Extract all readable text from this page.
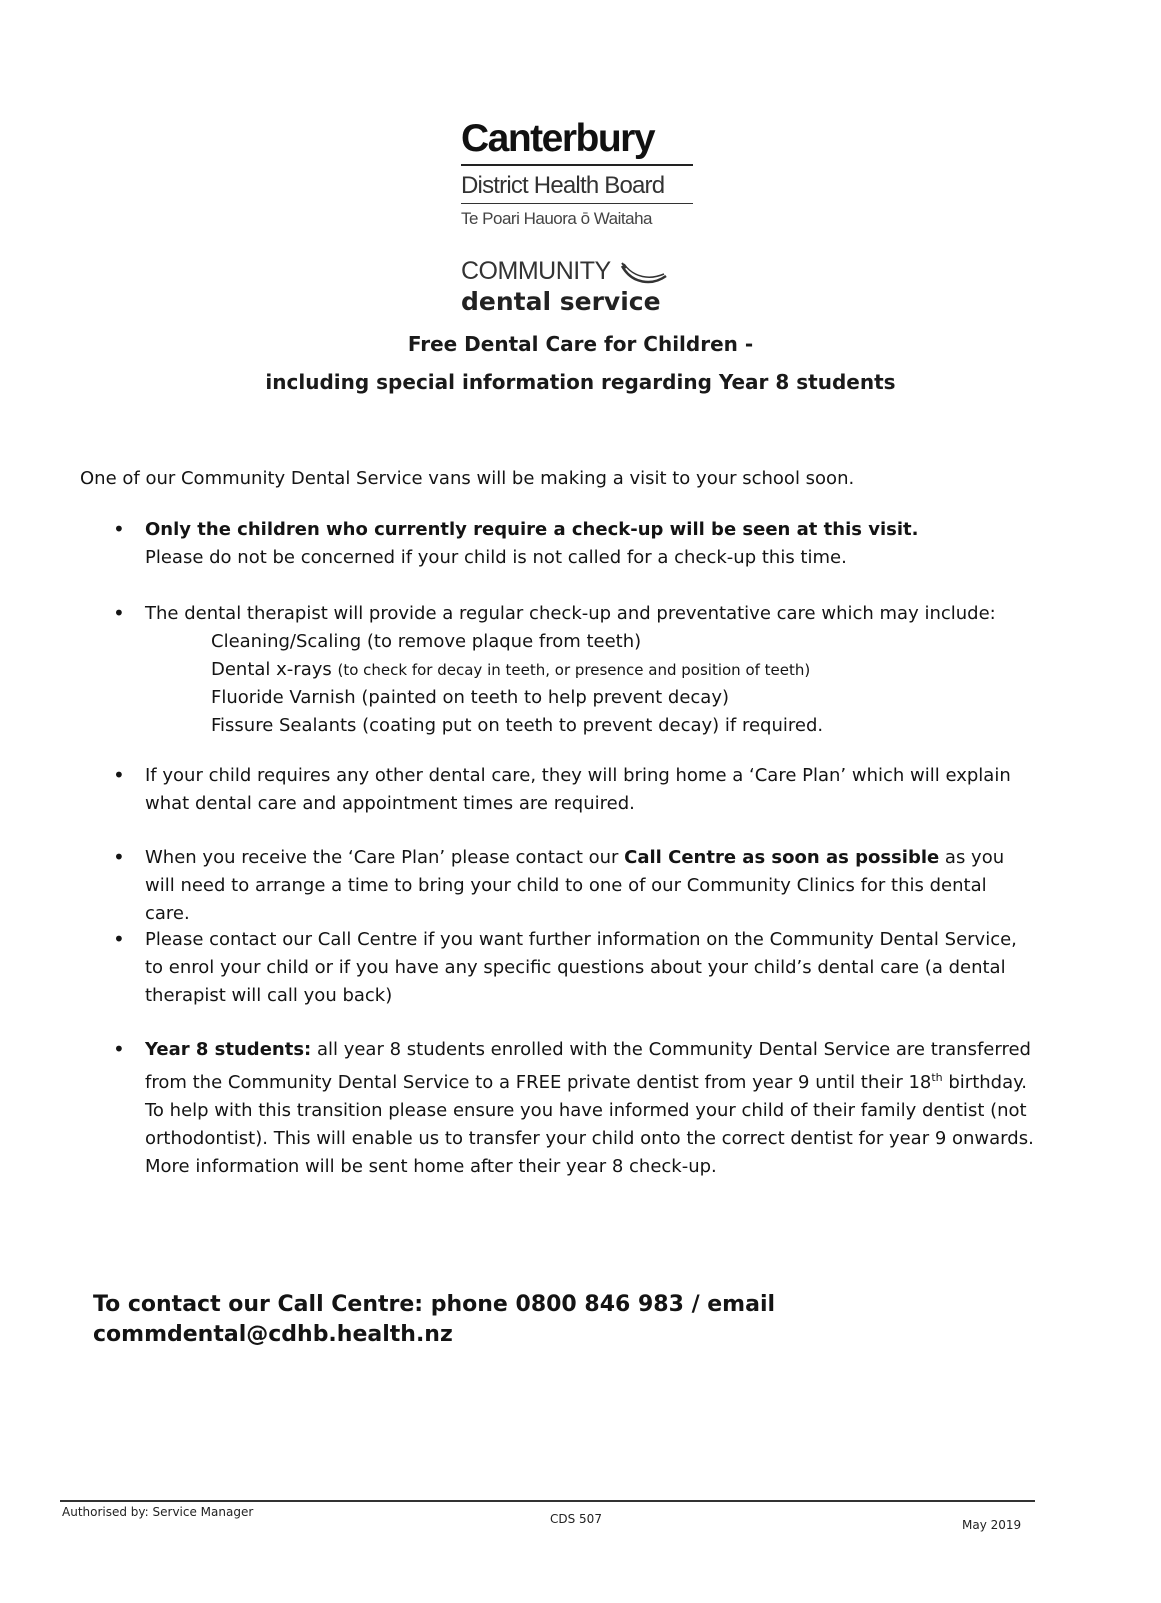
Canterbury
District Health Board
Te Poari Hauora ō Waitaha
COMMUNITY
dental service
Free Dental Care for Children -
including special information regarding Year 8 students
One of our Community Dental Service vans will be making a visit to your school soon.
•	Only the children who currently require a check-up will be seen at this visit.
Please do not be concerned if your child is not called for a check-up this time.
•	The dental therapist will provide a regular check-up and preventative care which may include:
Cleaning/Scaling (to remove plaque from teeth)
Dental x-rays (to check for decay in teeth, or presence and position of teeth)
Fluoride Varnish (painted on teeth to help prevent decay)
Fissure Sealants (coating put on teeth to prevent decay) if required.
•	If your child requires any other dental care, they will bring home a ‘Care Plan’ which will explain what dental care and appointment times are required.
•	When you receive the ‘Care Plan’ please contact our Call Centre as soon as possible as you will need to arrange a time to bring your child to one of our Community Clinics for this dental care.
•	Please contact our Call Centre if you want further information on the Community Dental Service, to enrol your child or if you have any specific questions about your child’s dental care (a dental therapist will call you back)
•	Year 8 students: all year 8 students enrolled with the Community Dental Service are transferred from the Community Dental Service to a FREE private dentist from year 9 until their 18th birthday. To help with this transition please ensure you have informed your child of their family dentist (not orthodontist). This will enable us to transfer your child onto the correct dentist for year 9 onwards. More information will be sent home after their year 8 check-up.
To contact our Call Centre: phone 0800 846 983 / email commdental@cdhb.health.nz
Authorised by: Service Manager	CDS 507	May 2019
